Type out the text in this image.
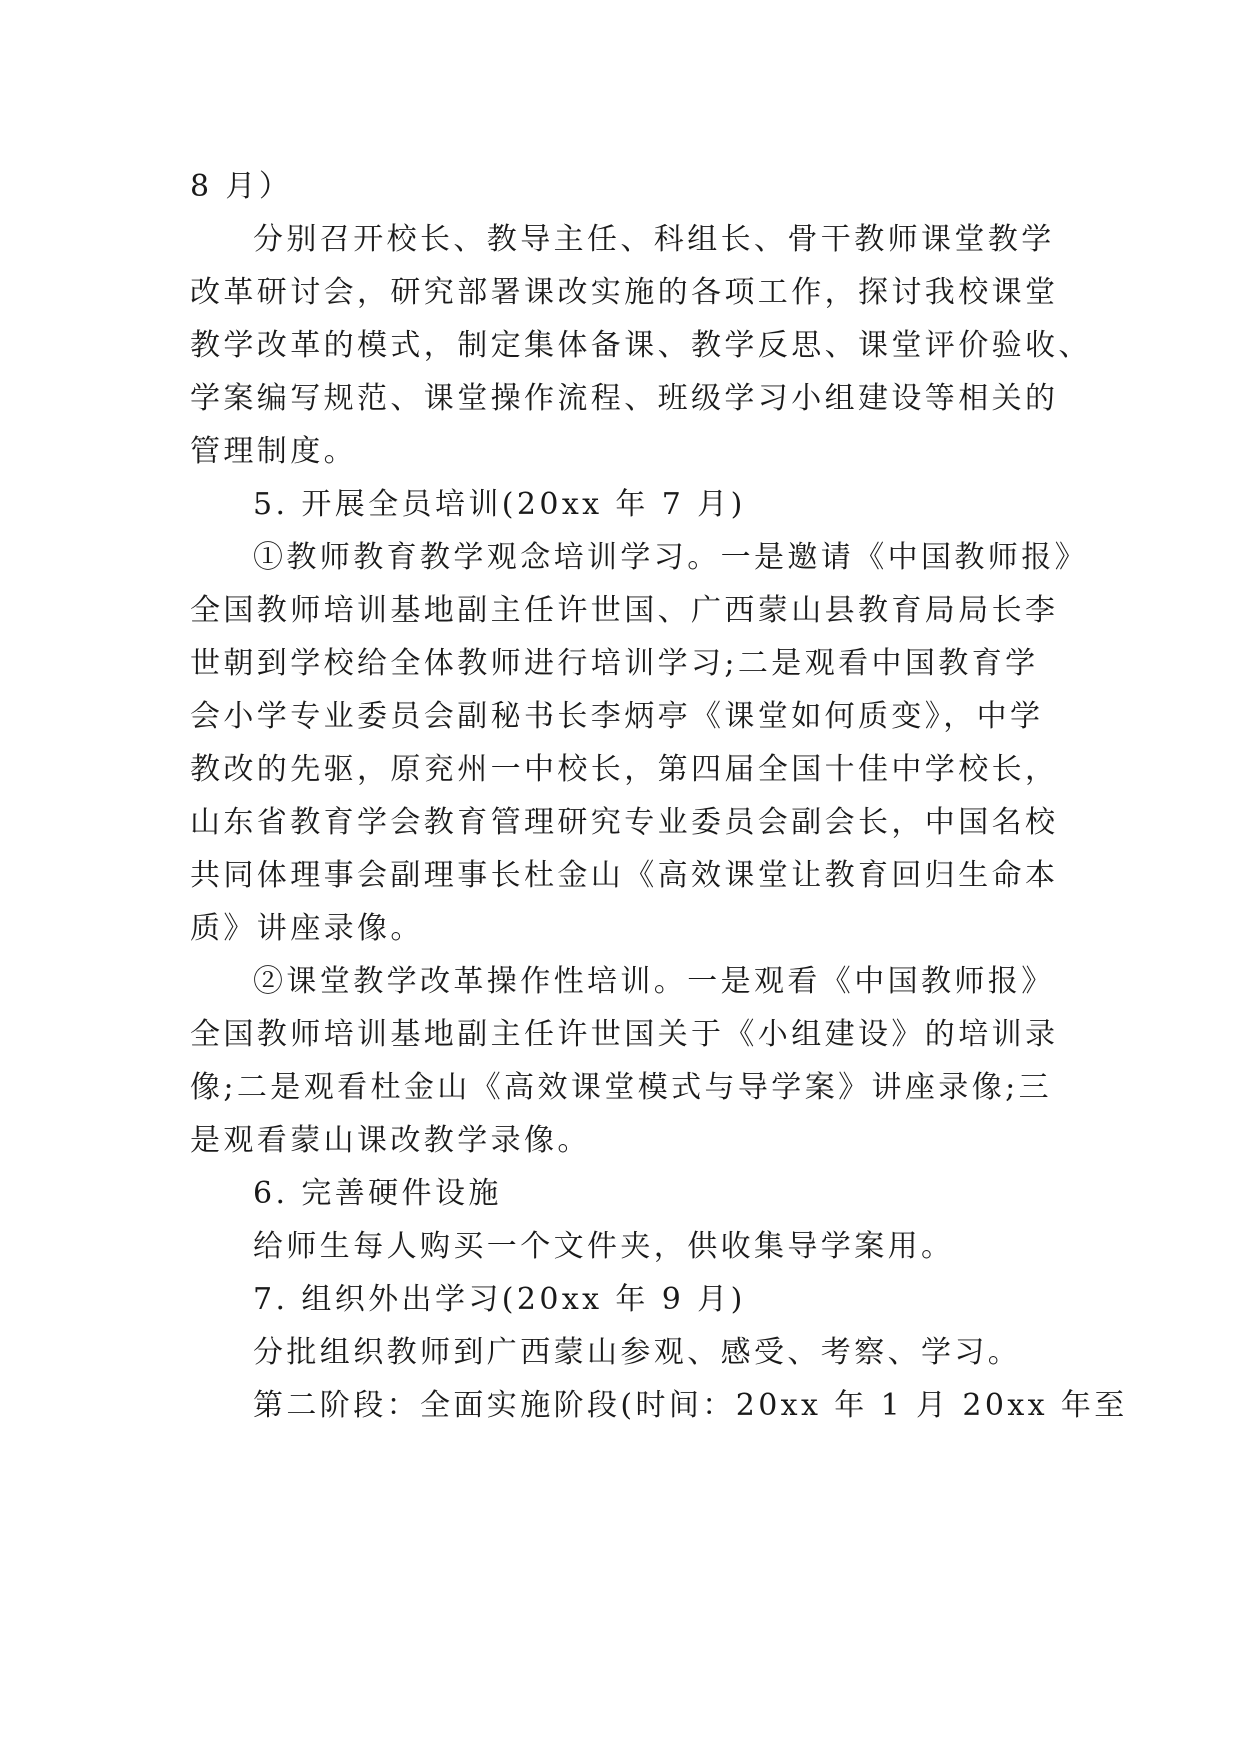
8 月）
分别召开校长、教导主任、科组长、骨干教师课堂教学
改革研讨会，研究部署课改实施的各项工作，探讨我校课堂
教学改革的模式，制定集体备课、教学反思、课堂评价验收、
学案编写规范、课堂操作流程、班级学习小组建设等相关的
管理制度。
5. 开展全员培训(20xx 年 7 月)
①教师教育教学观念培训学习。一是邀请《中国教师报》
全国教师培训基地副主任许世国、广西蒙山县教育局局长李
世朝到学校给全体教师进行培训学习;二是观看中国教育学
会小学专业委员会副秘书长李炳亭《课堂如何质变》，中学
教改的先驱，原兖州一中校长，第四届全国十佳中学校长，
山东省教育学会教育管理研究专业委员会副会长，中国名校
共同体理事会副理事长杜金山《高效课堂让教育回归生命本
质》讲座录像。
②课堂教学改革操作性培训。一是观看《中国教师报》
全国教师培训基地副主任许世国关于《小组建设》的培训录
像;二是观看杜金山《高效课堂模式与导学案》讲座录像;三
是观看蒙山课改教学录像。
6. 完善硬件设施
给师生每人购买一个文件夹，供收集导学案用。
7. 组织外出学习(20xx 年 9 月)
分批组织教师到广西蒙山参观、感受、考察、学习。
第二阶段：全面实施阶段(时间：20xx 年 1 月 20xx 年至
